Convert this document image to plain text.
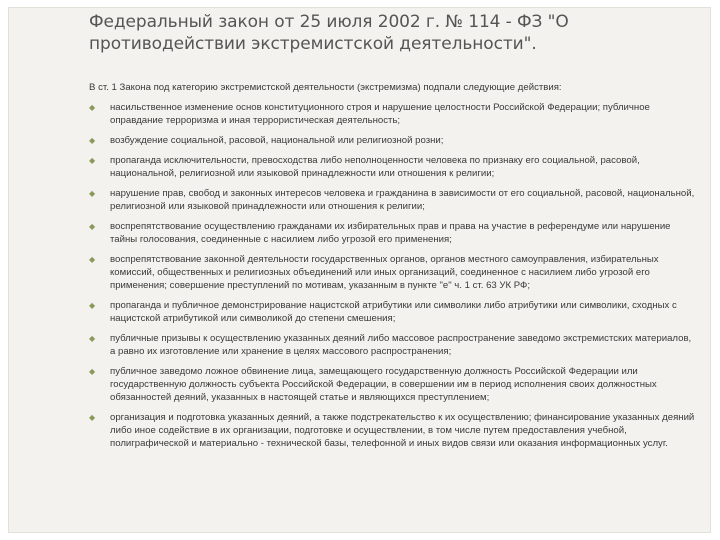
Федеральный закон от 25 июля 2002 г. № 114 - ФЗ "О противодействии экстремистской деятельности".

В ст. 1 Закона под категорию экстремистской деятельности (экстремизма) подпали следующие действия:

◆ насильственное изменение основ конституционного строя и нарушение целостности Российской Федерации; публичное оправдание терроризма и иная террористическая деятельность;
◆ возбуждение социальной, расовой, национальной или религиозной розни;
◆ пропаганда исключительности, превосходства либо неполноценности человека по признаку его социальной, расовой, национальной, религиозной или языковой принадлежности или отношения к религии;
◆ нарушение прав, свобод и законных интересов человека и гражданина в зависимости от его социальной, расовой, национальной, религиозной или языковой принадлежности или отношения к религии;
◆ воспрепятствование осуществлению гражданами их избирательных прав и права на участие в референдуме или нарушение тайны голосования, соединенные с насилием либо угрозой его применения;
◆ воспрепятствование законной деятельности государственных органов, органов местного самоуправления, избирательных комиссий, общественных и религиозных объединений или иных организаций, соединенное с насилием либо угрозой его применения; совершение преступлений по мотивам, указанным в пункте "е" ч. 1 ст. 63 УК РФ;
◆ пропаганда и публичное демонстрирование нацистской атрибутики или символики либо атрибутики или символики, сходных с нацистской атрибутикой или символикой до степени смешения;
◆ публичные призывы к осуществлению указанных деяний либо массовое распространение заведомо экстремистских материалов, а равно их изготовление или хранение в целях массового распространения;
◆ публичное заведомо ложное обвинение лица, замещающего государственную должность Российской Федерации или государственную должность субъекта Российской Федерации, в совершении им в период исполнения своих должностных обязанностей деяний, указанных в настоящей статье и являющихся преступлением;
◆ организация и подготовка указанных деяний, а также подстрекательство к их осуществлению; финансирование указанных деяний либо иное содействие в их организации, подготовке и осуществлении, в том числе путем предоставления учебной, полиграфической и материально - технической базы, телефонной и иных видов связи или оказания информационных услуг.
